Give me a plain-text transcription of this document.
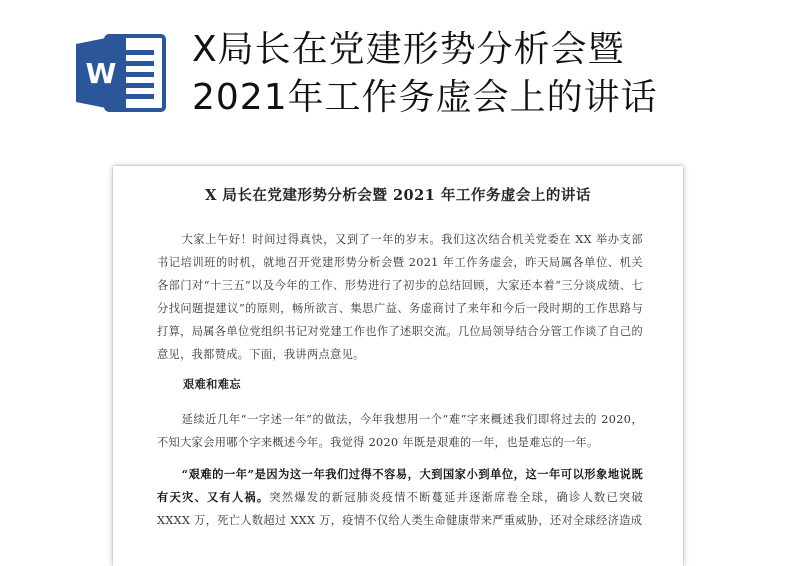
W
X局长在党建形势分析会暨2021年工作务虚会上的讲话
X 局长在党建形势分析会暨 2021 年工作务虚会上的讲话

大家上午好！时间过得真快，又到了一年的岁末。我们这次结合机关党委在 XX 举办支部书记培训班的时机，就地召开党建形势分析会暨 2021 年工作务虚会，昨天局属各单位、机关各部门对“十三五”以及今年的工作、形势进行了初步的总结回顾，大家还本着“三分谈成绩、七分找问题提建议”的原则，畅所欲言、集思广益、务虚商讨了来年和今后一段时期的工作思路与打算，局属各单位党组织书记对党建工作也作了述职交流。几位局领导结合分管工作谈了自己的意见，我都赞成。下面，我讲两点意见。

艰难和难忘

延续近几年“一字述一年”的做法，今年我想用一个“难”字来概述我们即将过去的 2020，不知大家会用哪个字来概述今年。我觉得 2020 年既是艰难的一年，也是难忘的一年。

“艰难的一年”是因为这一年我们过得不容易，大到国家小到单位，这一年可以形象地说既有天灾、又有人祸。突然爆发的新冠肺炎疫情不断蔓延并逐渐席卷全球，确诊人数已突破 XXXX 万，死亡人数超过 XXX 万，疫情不仅给人类生命健康带来严重威胁，还对全球经济造成
